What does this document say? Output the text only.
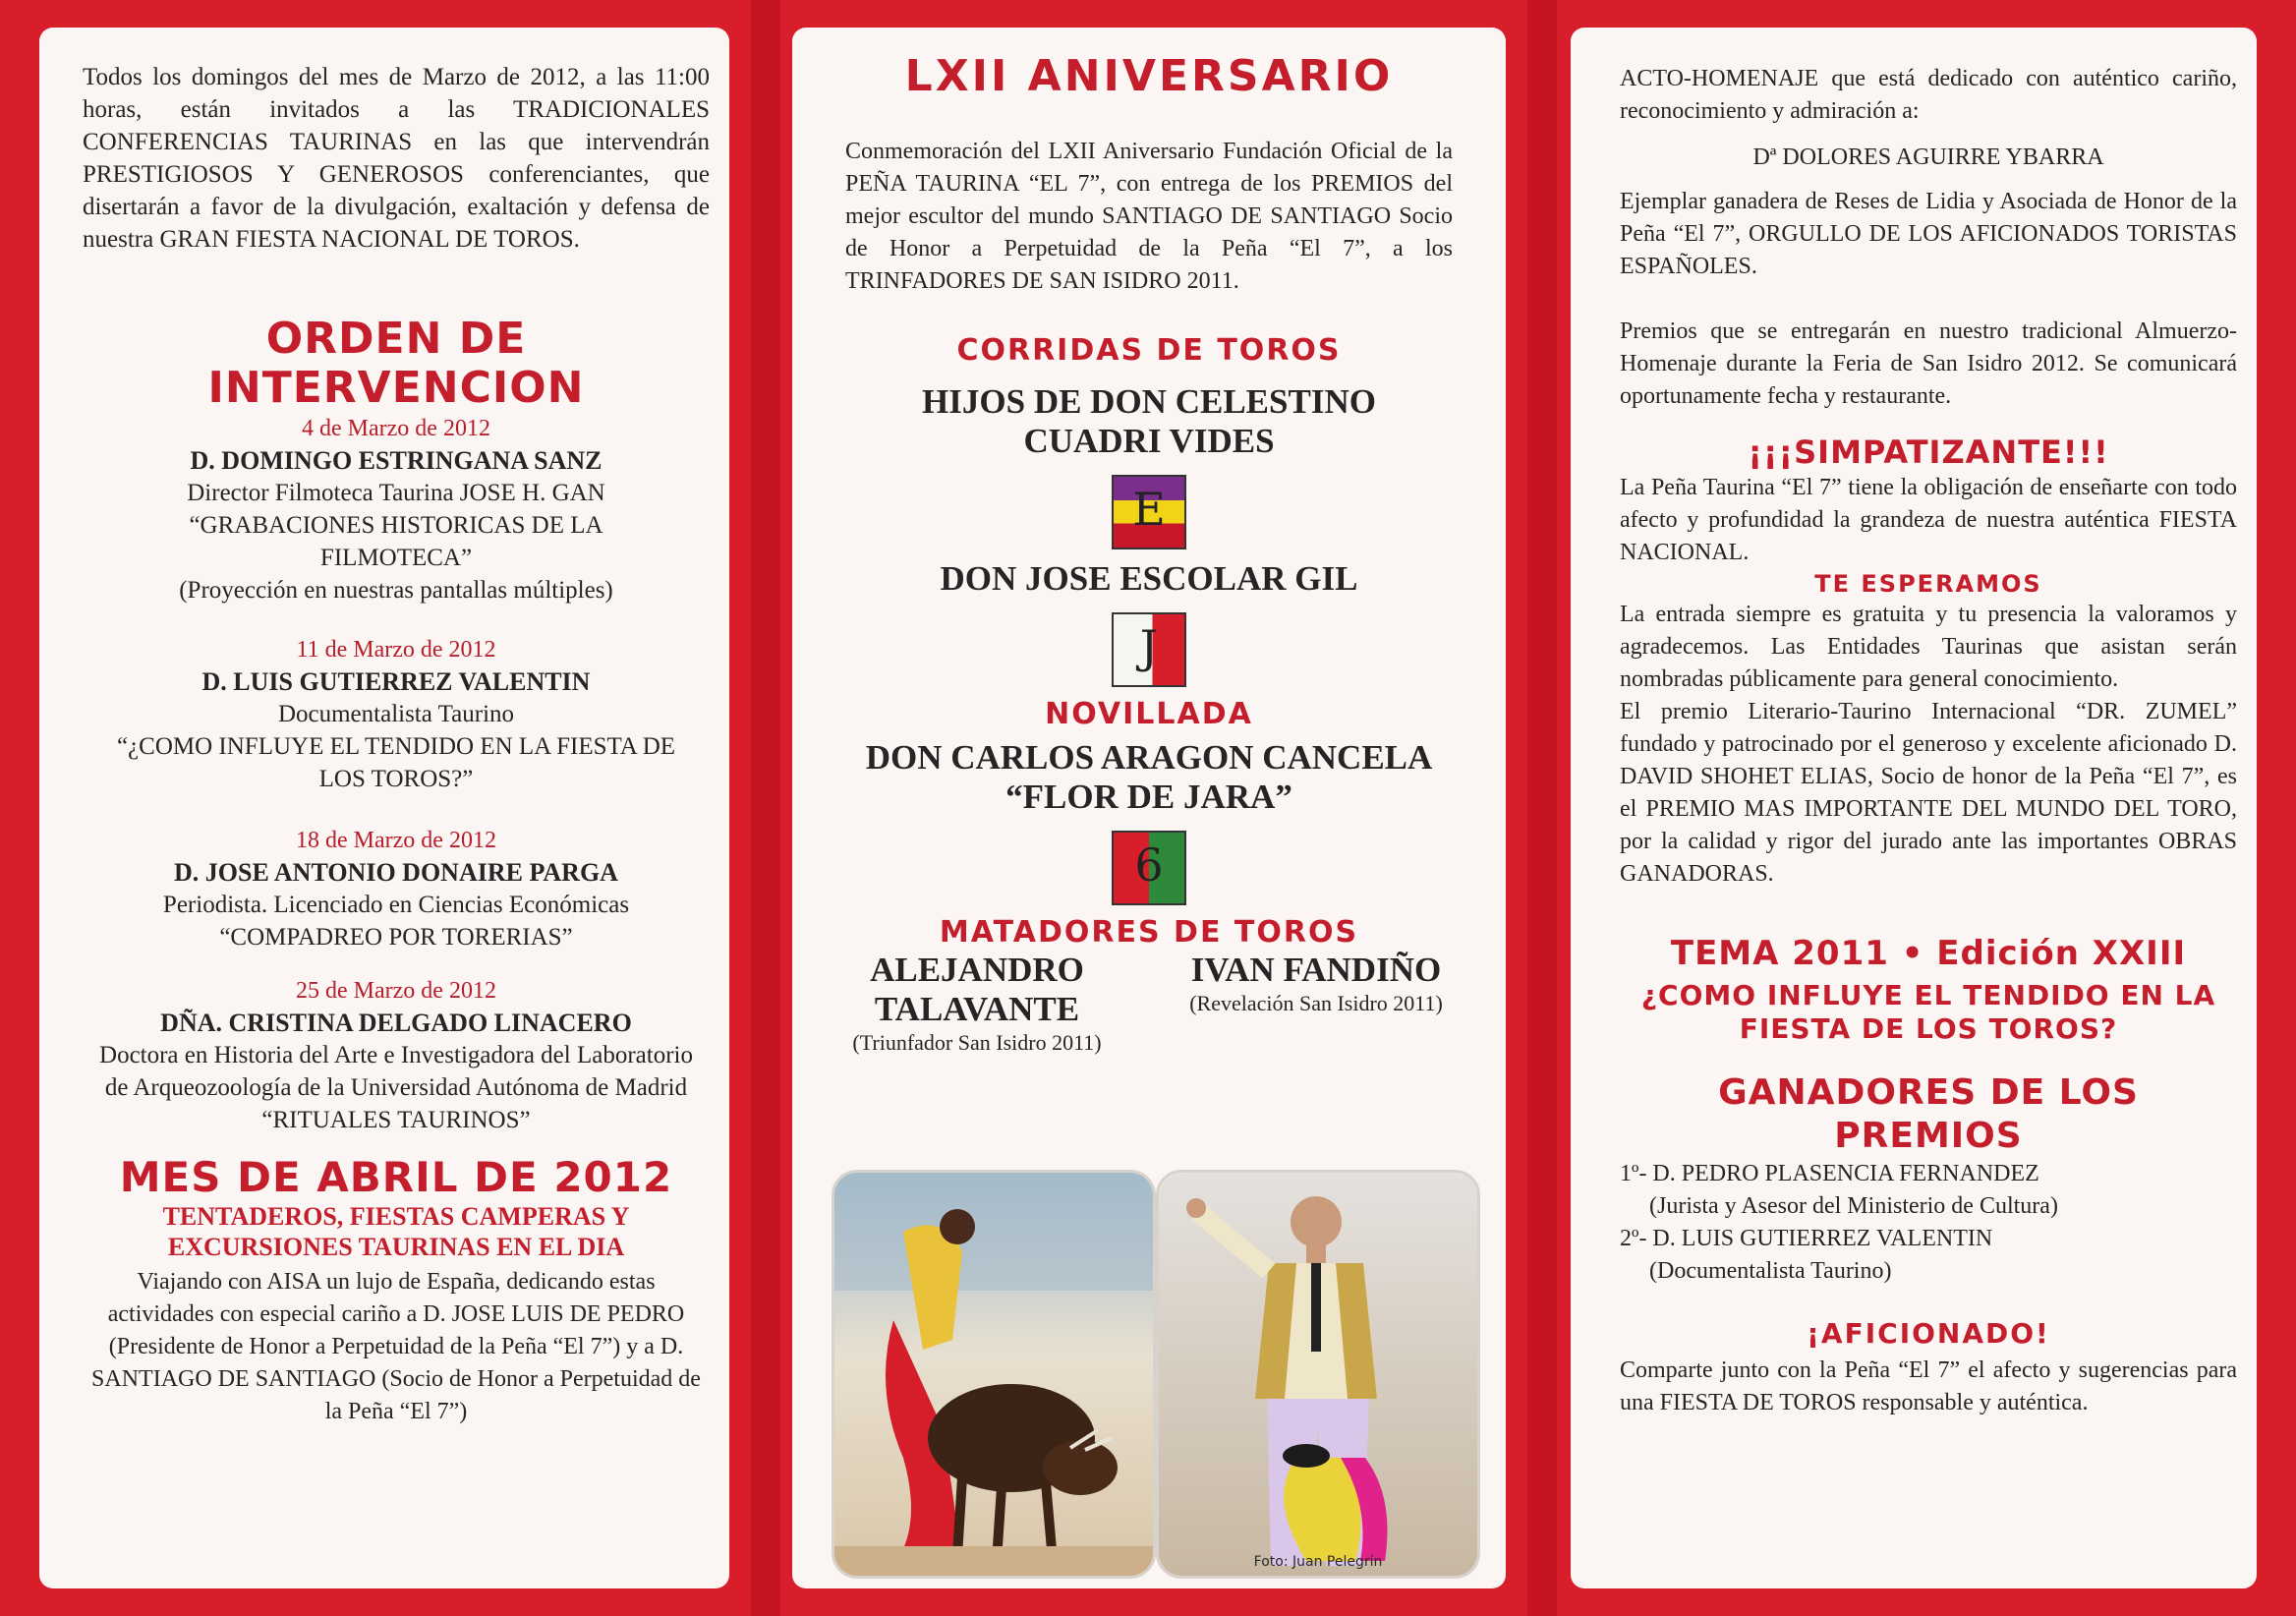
Todos los domingos del mes de Marzo de 2012, a las 11:00 horas, están invitados a las TRADICIONALES CONFERENCIAS TAURINAS en las que intervendrán PRESTIGIOSOS Y GENEROSOS conferenciantes, que disertarán a favor de la divulgación, exaltación y defensa de nuestra GRAN FIESTA NACIONAL DE TOROS.
ORDEN DE INTERVENCION
4 de Marzo de 2012
D. DOMINGO ESTRINGANA SANZ
Director Filmoteca Taurina JOSE H. GAN
“GRABACIONES HISTORICAS DE LA FILMOTECA”
(Proyección en nuestras pantallas múltiples)
11 de Marzo de 2012
D. LUIS GUTIERREZ VALENTIN
Documentalista Taurino
“¿COMO INFLUYE EL TENDIDO EN LA FIESTA DE LOS TOROS?”
18 de Marzo de 2012
D. JOSE ANTONIO DONAIRE PARGA
Periodista. Licenciado en Ciencias Económicas
“COMPADREO POR TORERIAS”
25 de Marzo de 2012
DÑA. CRISTINA DELGADO LINACERO
Doctora en Historia del Arte e Investigadora del Laboratorio de Arqueozoología de la Universidad Autónoma de Madrid
“RITUALES TAURINOS”
MES DE ABRIL DE 2012
TENTADEROS, FIESTAS CAMPERAS Y EXCURSIONES TAURINAS EN EL DIA
Viajando con AISA un lujo de España, dedicando estas actividades con especial cariño a D. JOSE LUIS DE PEDRO (Presidente de Honor a Perpetuidad de la Peña “El 7”) y a D. SANTIAGO DE SANTIAGO (Socio de Honor a Perpetuidad de la Peña “El 7”)
LXII ANIVERSARIO
Conmemoración del LXII Aniversario Fundación Oficial de la PEÑA TAURINA “EL 7”, con entrega de los PREMIOS del mejor escultor del mundo SANTIAGO DE SANTIAGO Socio de Honor a Perpetuidad de la Peña “El 7”, a los TRINFADORES DE SAN ISIDRO 2011.
CORRIDAS DE TOROS
HIJOS DE DON CELESTINO CUADRI VIDES
E
DON JOSE ESCOLAR GIL
J
NOVILLADA
DON CARLOS ARAGON CANCELA
“FLOR DE JARA”
6
MATADORES DE TOROS
ALEJANDRO TALAVANTE
(Triunfador San Isidro 2011)
IVAN FANDIÑO
(Revelación San Isidro 2011)
Foto: Juan Pelegrín
ACTO-HOMENAJE que está dedicado con auténtico cariño, reconocimiento y admiración a:
Dª DOLORES AGUIRRE YBARRA
Ejemplar ganadera de Reses de Lidia y Asociada de Honor de la Peña “El 7”, ORGULLO DE LOS AFICIONADOS TORISTAS ESPAÑOLES.
Premios que se entregarán en nuestro tradicional Almuerzo-Homenaje durante la Feria de San Isidro 2012. Se comunicará oportunamente fecha y restaurante.
¡¡¡SIMPATIZANTE!!!
La Peña Taurina “El 7” tiene la obligación de enseñarte con todo afecto y profundidad la grandeza de nuestra auténtica FIESTA NACIONAL.
TE ESPERAMOS
La entrada siempre es gratuita y tu presencia la valoramos y agradecemos. Las Entidades Taurinas que asistan serán nombradas públicamente para general conocimiento.
El premio Literario-Taurino Internacional “DR. ZUMEL” fundado y patrocinado por el generoso y excelente aficionado D. DAVID SHOHET ELIAS, Socio de honor de la Peña “El 7”, es el PREMIO MAS IMPORTANTE DEL MUNDO DEL TORO, por la calidad y rigor del jurado ante las importantes OBRAS GANADORAS.
TEMA 2011 • Edición XXIII
¿COMO INFLUYE EL TENDIDO EN LA FIESTA DE LOS TOROS?
GANADORES DE LOS PREMIOS
1º- D. PEDRO PLASENCIA FERNANDEZ
(Jurista y Asesor del Ministerio de Cultura)
2º- D. LUIS GUTIERREZ VALENTIN
(Documentalista Taurino)
¡AFICIONADO!
Comparte junto con la Peña “El 7” el afecto y sugerencias para una FIESTA DE TOROS responsable y auténtica.
